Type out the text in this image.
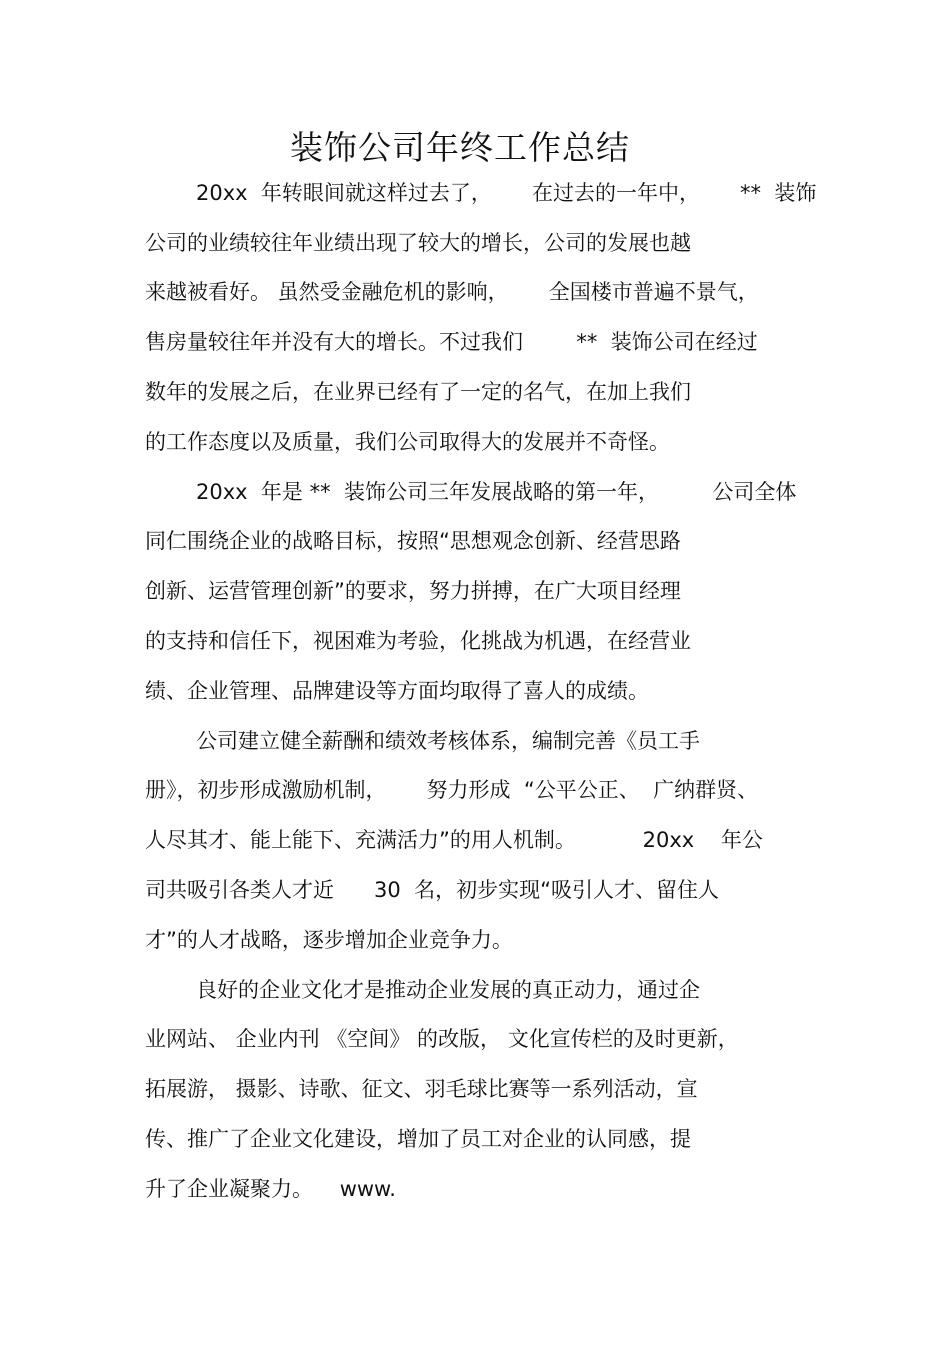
装饰公司年终工作总结
20xx  年转眼间就这样过去了，      在过去的一年中，      **  装饰
公司的业绩较往年业绩出现了较大的增长，公司的发展也越
来越被看好。 虽然受金融危机的影响，      全国楼市普遍不景气，
售房量较往年并没有大的增长。不过我们        **  装饰公司在经过
数年的发展之后，在业界已经有了一定的名气，在加上我们
的工作态度以及质量，我们公司取得大的发展并不奇怪。
20xx  年是 **  装饰公司三年发展战略的第一年，        公司全体
同仁围绕企业的战略目标，按照“思想观念创新、经营思路
创新、运营管理创新”的要求，努力拼搏，在广大项目经理
的支持和信任下，视困难为考验，化挑战为机遇，在经营业
绩、企业管理、品牌建设等方面均取得了喜人的成绩。
公司建立健全薪酬和绩效考核体系，编制完善《员工手
册》，初步形成激励机制，      努力形成  “公平公正、  广纳群贤、
人尽其才、能上能下、充满活力”的用人机制。          20xx    年公
司共吸引各类人才近      30  名，初步实现“吸引人才、留住人
才”的人才战略，逐步增加企业竞争力。
良好的企业文化才是推动企业发展的真正动力，通过企
业网站、 企业内刊 《空间》 的改版， 文化宣传栏的及时更新，
拓展游， 摄影、诗歌、征文、羽毛球比赛等一系列活动，宣
传、推广了企业文化建设，增加了员工对企业的认同感，提
升了企业凝聚力。    www.
